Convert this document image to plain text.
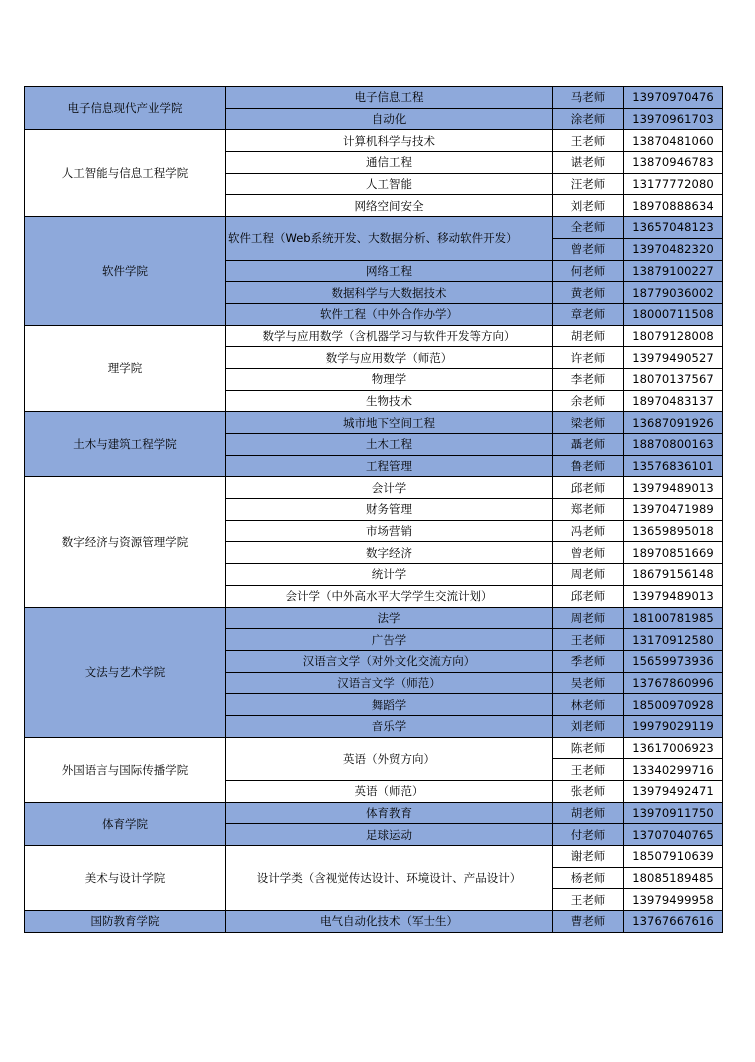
电子信息现代产业学院	电子信息工程	马老师	13970970476
	自动化	涂老师	13970961703
人工智能与信息工程学院	计算机科学与技术	王老师	13870481060
	通信工程	谌老师	13870946783
	人工智能	汪老师	13177772080
	网络空间安全	刘老师	18970888634
软件学院	软件工程（Web系统开发、大数据分析、移动软件开发）	全老师	13657048123
		曾老师	13970482320
	网络工程	何老师	13879100227
	数据科学与大数据技术	黄老师	18779036002
	软件工程（中外合作办学）	章老师	18000711508
理学院	数学与应用数学（含机器学习与软件开发等方向）	胡老师	18079128008
	数学与应用数学（师范）	许老师	13979490527
	物理学	李老师	18070137567
	生物技术	余老师	18970483137
土木与建筑工程学院	城市地下空间工程	梁老师	13687091926
	土木工程	聶老师	18870800163
	工程管理	鲁老师	13576836101
数字经济与资源管理学院	会计学	邱老师	13979489013
	财务管理	郑老师	13970471989
	市场营销	冯老师	13659895018
	数字经济	曾老师	18970851669
	统计学	周老师	18679156148
	会计学（中外高水平大学学生交流计划）	邱老师	13979489013
文法与艺术学院	法学	周老师	18100781985
	广告学	王老师	13170912580
	汉语言文学（对外文化交流方向）	季老师	15659973936
	汉语言文学（师范）	吴老师	13767860996
	舞蹈学	林老师	18500970928
	音乐学	刘老师	19979029119
外国语言与国际传播学院	英语（外贸方向）	陈老师	13617006923
		王老师	13340299716
	英语（师范）	张老师	13979492471
体育学院	体育教育	胡老师	13970911750
	足球运动	付老师	13707040765
美术与设计学院	设计学类（含视觉传达设计、环境设计、产品设计）	谢老师	18507910639
		杨老师	18085189485
		王老师	13979499958
国防教育学院	电气自动化技术（军士生）	曹老师	13767667616
